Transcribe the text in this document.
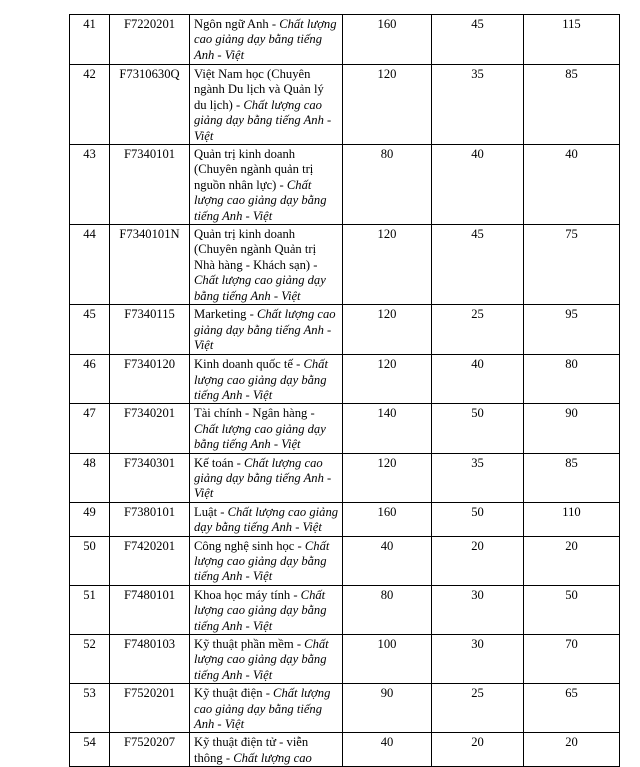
41	F7220201	Ngôn ngữ Anh - Chất lượng cao giảng dạy bằng tiếng Anh - Việt	160	45	115
42	F7310630Q	Việt Nam học (Chuyên ngành Du lịch và Quản lý du lịch) - Chất lượng cao giảng dạy bằng tiếng Anh - Việt	120	35	85
43	F7340101	Quản trị kinh doanh (Chuyên ngành quản trị nguồn nhân lực) - Chất lượng cao giảng dạy bằng tiếng Anh - Việt	80	40	40
44	F7340101N	Quản trị kinh doanh (Chuyên ngành Quản trị Nhà hàng - Khách sạn) - Chất lượng cao giảng dạy bằng tiếng Anh - Việt	120	45	75
45	F7340115	Marketing - Chất lượng cao giảng dạy bằng tiếng Anh - Việt	120	25	95
46	F7340120	Kinh doanh quốc tế - Chất lượng cao giảng dạy bằng tiếng Anh - Việt	120	40	80
47	F7340201	Tài chính - Ngân hàng - Chất lượng cao giảng dạy bằng tiếng Anh - Việt	140	50	90
48	F7340301	Kế toán - Chất lượng cao giảng dạy bằng tiếng Anh - Việt	120	35	85
49	F7380101	Luật - Chất lượng cao giảng dạy bằng tiếng Anh - Việt	160	50	110
50	F7420201	Công nghệ sinh học - Chất lượng cao giảng dạy bằng tiếng Anh - Việt	40	20	20
51	F7480101	Khoa học máy tính - Chất lượng cao giảng dạy bằng tiếng Anh - Việt	80	30	50
52	F7480103	Kỹ thuật phần mềm - Chất lượng cao giảng dạy bằng tiếng Anh - Việt	100	30	70
53	F7520201	Kỹ thuật điện - Chất lượng cao giảng dạy bằng tiếng Anh - Việt	90	25	65
54	F7520207	Kỹ thuật điện tử - viễn thông - Chất lượng cao	40	20	20
